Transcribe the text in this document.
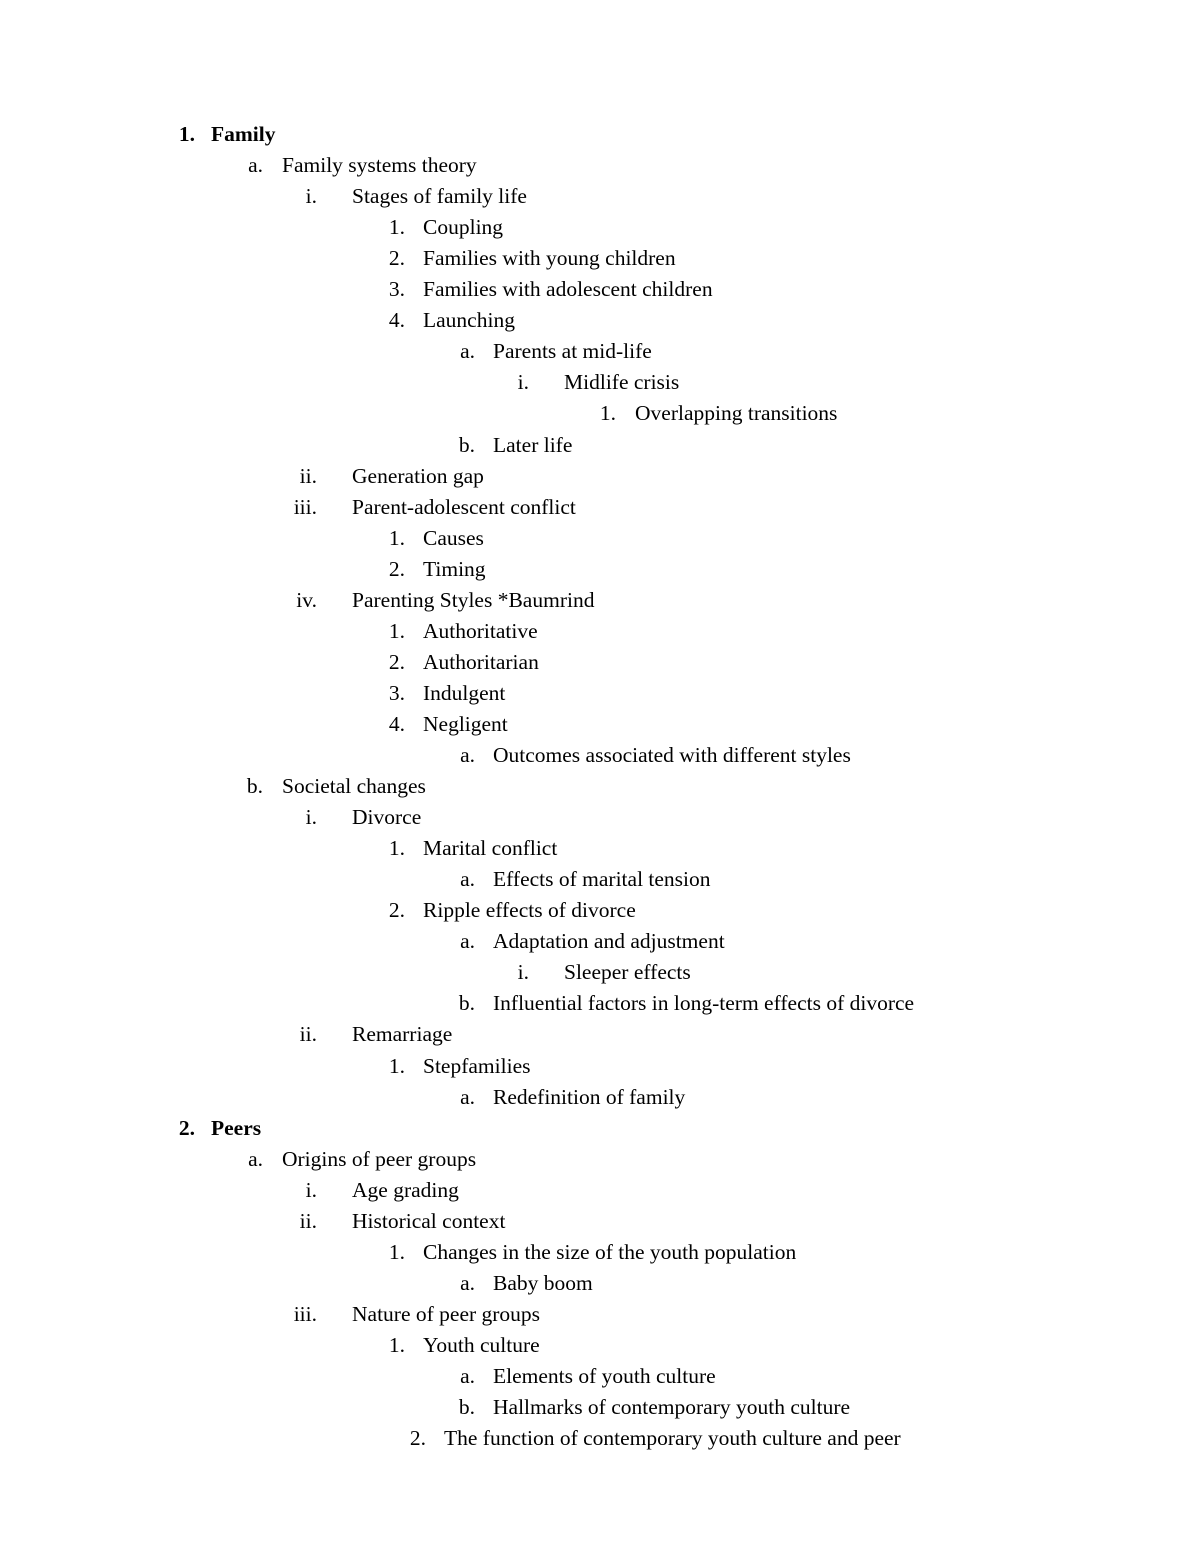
1. Family
a. Family systems theory
i. Stages of family life
1. Coupling
2. Families with young children
3. Families with adolescent children
4. Launching
a. Parents at mid-life
i. Midlife crisis
1. Overlapping transitions
b. Later life
ii. Generation gap
iii. Parent-adolescent conflict
1. Causes
2. Timing
iv. Parenting Styles *Baumrind
1. Authoritative
2. Authoritarian
3. Indulgent
4. Negligent
a. Outcomes associated with different styles
b. Societal changes
i. Divorce
1. Marital conflict
a. Effects of marital tension
2. Ripple effects of divorce
a. Adaptation and adjustment
i. Sleeper effects
b. Influential factors in long-term effects of divorce
ii. Remarriage
1. Stepfamilies
a. Redefinition of family
2. Peers
a. Origins of peer groups
i. Age grading
ii. Historical context
1. Changes in the size of the youth population
a. Baby boom
iii. Nature of peer groups
1. Youth culture
a. Elements of youth culture
b. Hallmarks of contemporary youth culture
2. The function of contemporary youth culture and peer
